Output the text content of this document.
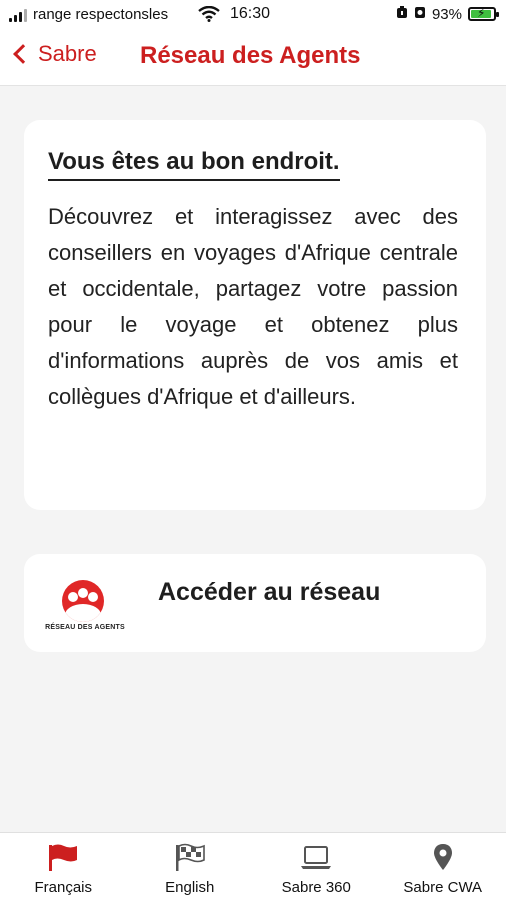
range respectonsles	16:30	93% ⚡
Sabre Réseau des Agents
Vous êtes au bon endroit.

Découvrez et interagissez avec des conseillers en voyages d'Afrique centrale et occidentale, partagez votre passion pour le voyage et obtenez plus d'informations auprès de vos amis et collègues d'Afrique et d'ailleurs.

RÉSEAU DES AGENTS
Accéder au réseau
Français	English	Sabre 360	Sabre CWA
